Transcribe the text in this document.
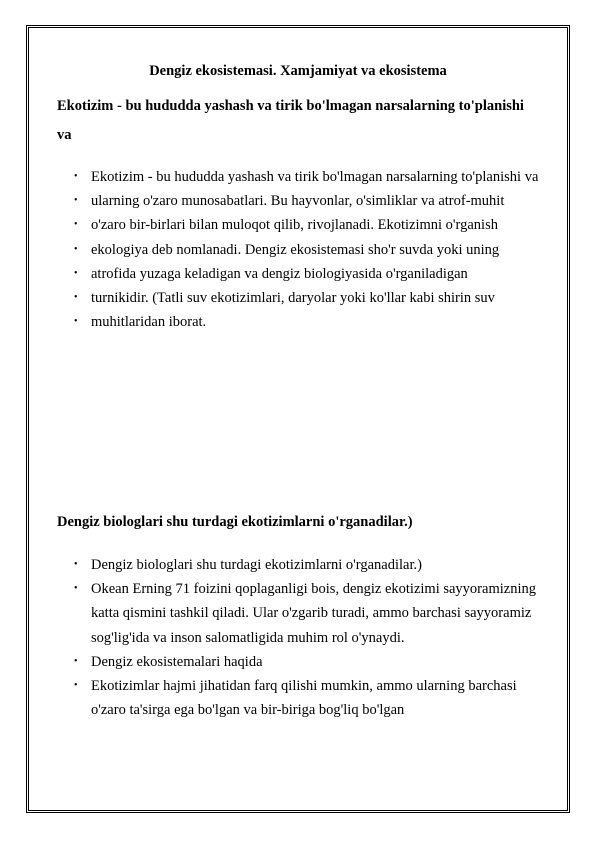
Dengiz ekosistemasi. Xamjamiyat va ekosistema
Ekotizim - bu hududda yashash va tirik bo'lmagan narsalarning to'planishi va
• Ekotizim - bu hududda yashash va tirik bo'lmagan narsalarning to'planishi va
• ularning o'zaro munosabatlari. Bu hayvonlar, o'simliklar va atrof-muhit
• o'zaro bir-birlari bilan muloqot qilib, rivojlanadi. Ekotizimni o'rganish
• ekologiya deb nomlanadi. Dengiz ekosistemasi sho'r suvda yoki uning
• atrofida yuzaga keladigan va dengiz biologiyasida o'rganiladigan
• turnikidir. (Tatli suv ekotizimlari, daryolar yoki ko'llar kabi shirin suv
• muhitlaridan iborat.
Dengiz biologlari shu turdagi ekotizimlarni o'rganadilar.)
• Dengiz biologlari shu turdagi ekotizimlarni o'rganadilar.)
• Okean Erning 71 foizini qoplaganligi bois, dengiz ekotizimi sayyoramizning katta qismini tashkil qiladi. Ular o'zgarib turadi, ammo barchasi sayyoramiz sog'lig'ida va inson salomatligida muhim rol o'ynaydi.
• Dengiz ekosistemalari haqida
• Ekotizimlar hajmi jihatidan farq qilishi mumkin, ammo ularning barchasi o'zaro ta'sirga ega bo'lgan va bir-biriga bog'liq bo'lgan
